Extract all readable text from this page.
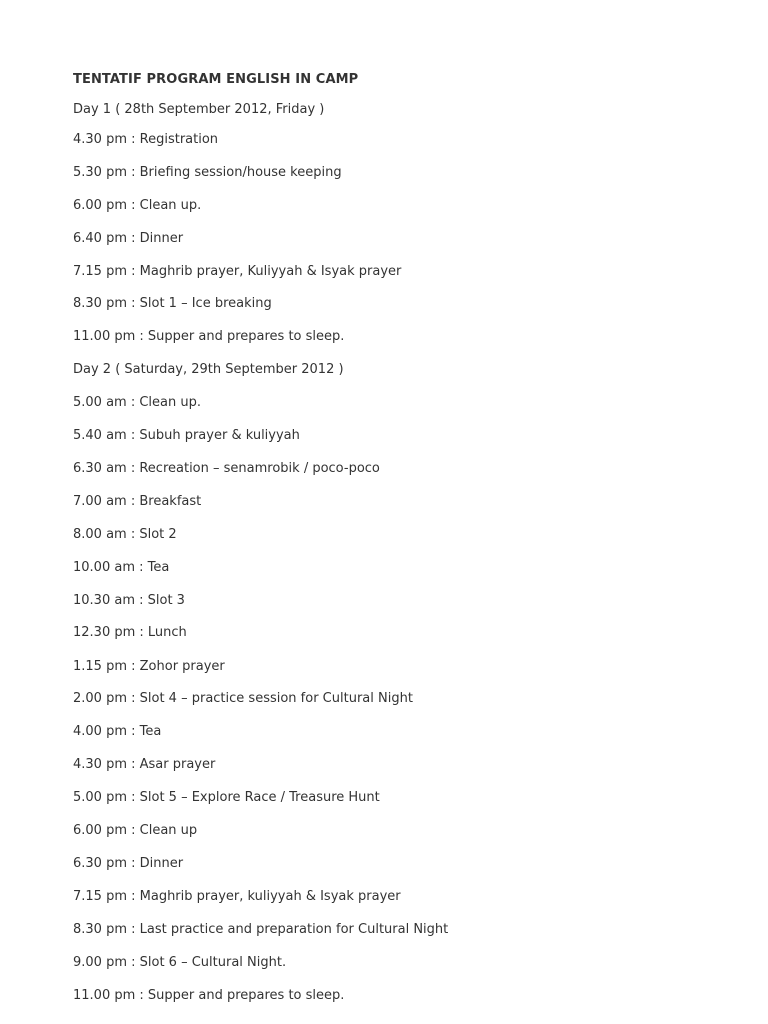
TENTATIF PROGRAM ENGLISH IN CAMP
Day 1 ( 28th September 2012, Friday )
4.30 pm : Registration
5.30 pm : Briefing session/house keeping
6.00 pm : Clean up.
6.40 pm : Dinner
7.15 pm : Maghrib prayer, Kuliyyah & Isyak prayer
8.30 pm : Slot 1 – Ice breaking
11.00 pm : Supper and prepares to sleep.
Day 2 ( Saturday, 29th September 2012 )
5.00 am : Clean up.
5.40 am : Subuh prayer & kuliyyah
6.30 am : Recreation – senamrobik / poco-poco
7.00 am : Breakfast
8.00 am : Slot 2
10.00 am : Tea
10.30 am : Slot 3
12.30 pm : Lunch
1.15 pm : Zohor prayer
2.00 pm : Slot 4 – practice session for Cultural Night
4.00 pm : Tea
4.30 pm : Asar prayer
5.00 pm : Slot 5 – Explore Race / Treasure Hunt
6.00 pm : Clean up
6.30 pm : Dinner
7.15 pm : Maghrib prayer, kuliyyah & Isyak prayer
8.30 pm : Last practice and preparation for Cultural Night
9.00 pm : Slot 6 – Cultural Night.
11.00 pm : Supper and prepares to sleep.
